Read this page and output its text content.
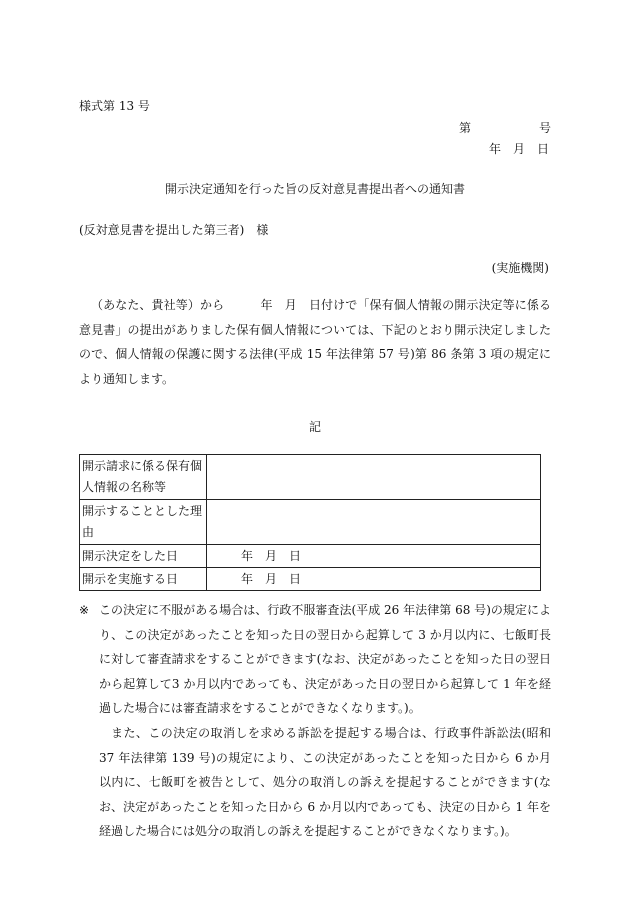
様式第 13 号
第	号
年　月　日
開示決定通知を行った旨の反対意見書提出者への通知書
(反対意見書を提出した第三者)　様
(実施機関)
（あなた、貴社等）から　　　年　月　日付けで「保有個人情報の開示決定等に係る意見書」の提出がありました保有個人情報については、下記のとおり開示決定しましたので、個人情報の保護に関する法律(平成 15 年法律第 57 号)第 86 条第 3 項の規定により通知します。
記
開示請求に係る保有個人情報の名称等	
開示することとした理由	
開示決定をした日	年　月　日
開示を実施する日	年　月　日
※ この決定に不服がある場合は、行政不服審査法(平成 26 年法律第 68 号)の規定により、この決定があったことを知った日の翌日から起算して 3 か月以内に、七飯町長に対して審査請求をすることができます(なお、決定があったことを知った日の翌日から起算して3 か月以内であっても、決定があった日の翌日から起算して 1 年を経過した場合には審査請求をすることができなくなります。)。
また、この決定の取消しを求める訴訟を提起する場合は、行政事件訴訟法(昭和 37 年法律第 139 号)の規定により、この決定があったことを知った日から 6 か月以内に、七飯町を被告として、処分の取消しの訴えを提起することができます(なお、決定があったことを知った日から 6 か月以内であっても、決定の日から 1 年を経過した場合には処分の取消しの訴えを提起することができなくなります。)。
